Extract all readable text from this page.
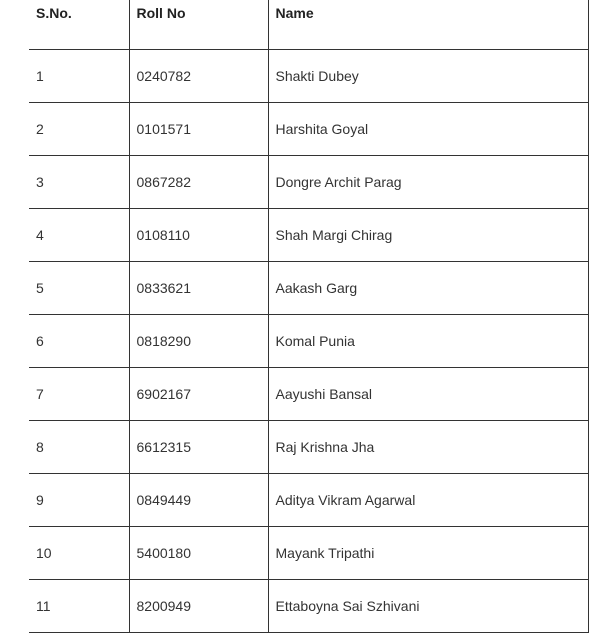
S.No.	Roll No	Name
1	0240782	Shakti Dubey
2	0101571	Harshita Goyal
3	0867282	Dongre Archit Parag
4	0108110	Shah Margi Chirag
5	0833621	Aakash Garg
6	0818290	Komal Punia
7	6902167	Aayushi Bansal
8	6612315	Raj Krishna Jha
9	0849449	Aditya Vikram Agarwal
10	5400180	Mayank Tripathi
11	8200949	Ettaboyna Sai Szhivani
